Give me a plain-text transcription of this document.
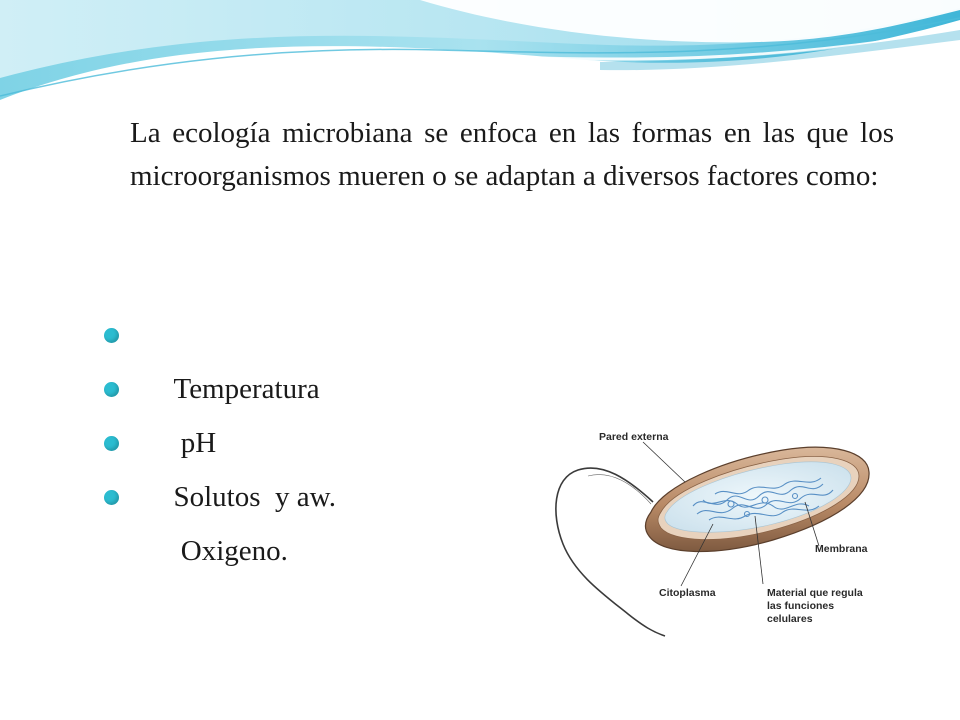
La ecología microbiana se enfoca en las formas en las que los microorganismos mueren o se adaptan a diversos factores como:

Temperatura

pH

Solutos  y aw.

Oxigeno.

Pared externa
Membrana
Citoplasma	Material que regula
las funciones
celulares
